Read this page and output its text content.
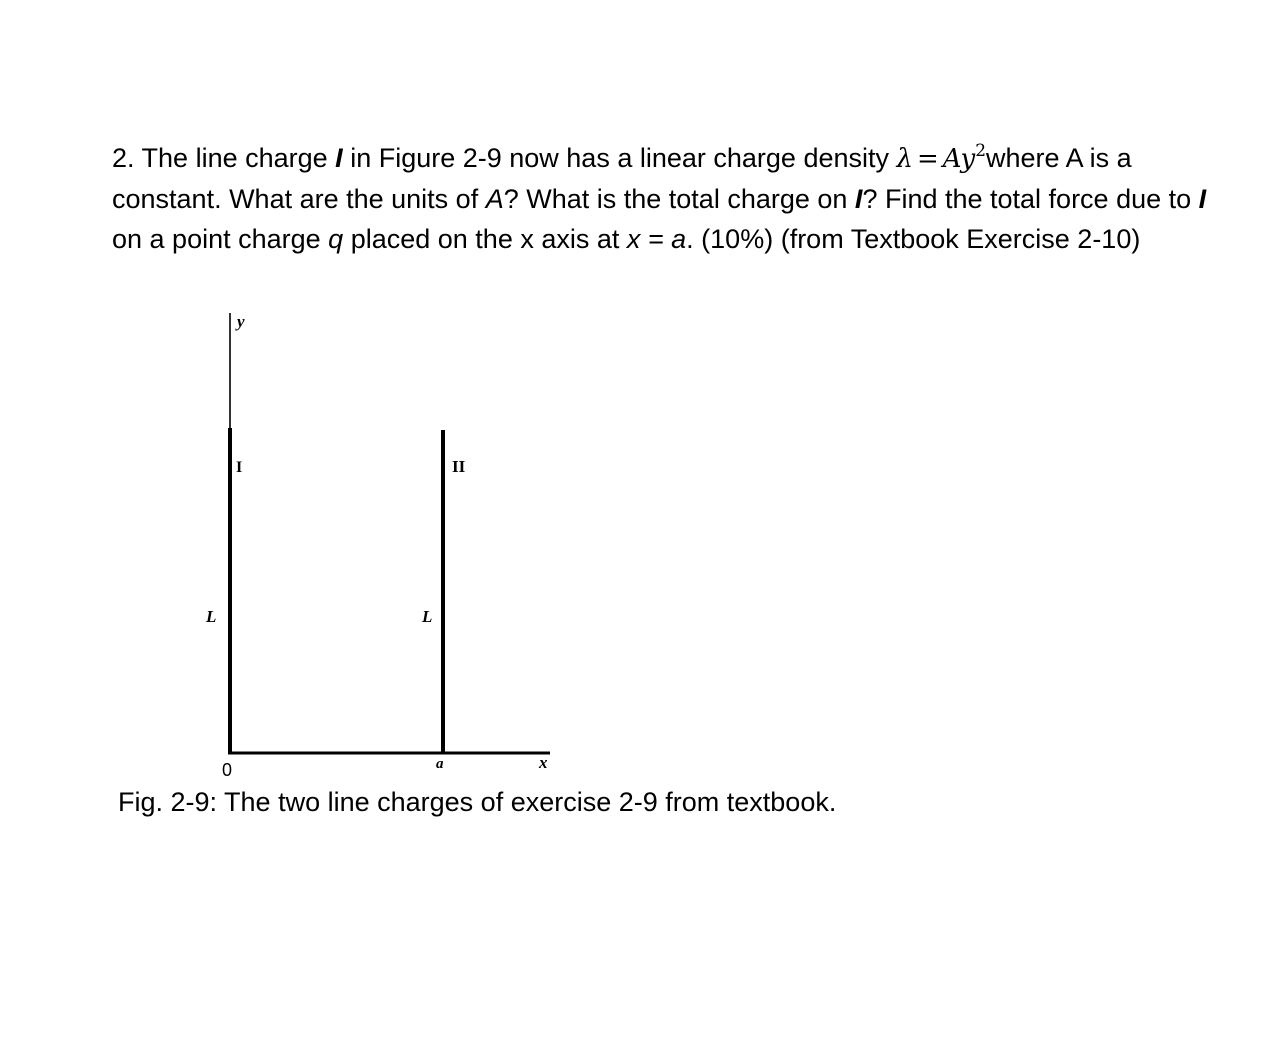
2. The line charge I in Figure 2-9 now has a linear charge density $\lambda = Ay^2where$ A is a constant. What are the units of A? What is the total charge on I? Find the total force due to I on a point charge q placed on the x axis at x = a. (10%) (from Textbook Exercise 2-10)

y
I	II
L	L
0	a	x

Fig. 2-9: The two line charges of exercise 2-9 from textbook.
